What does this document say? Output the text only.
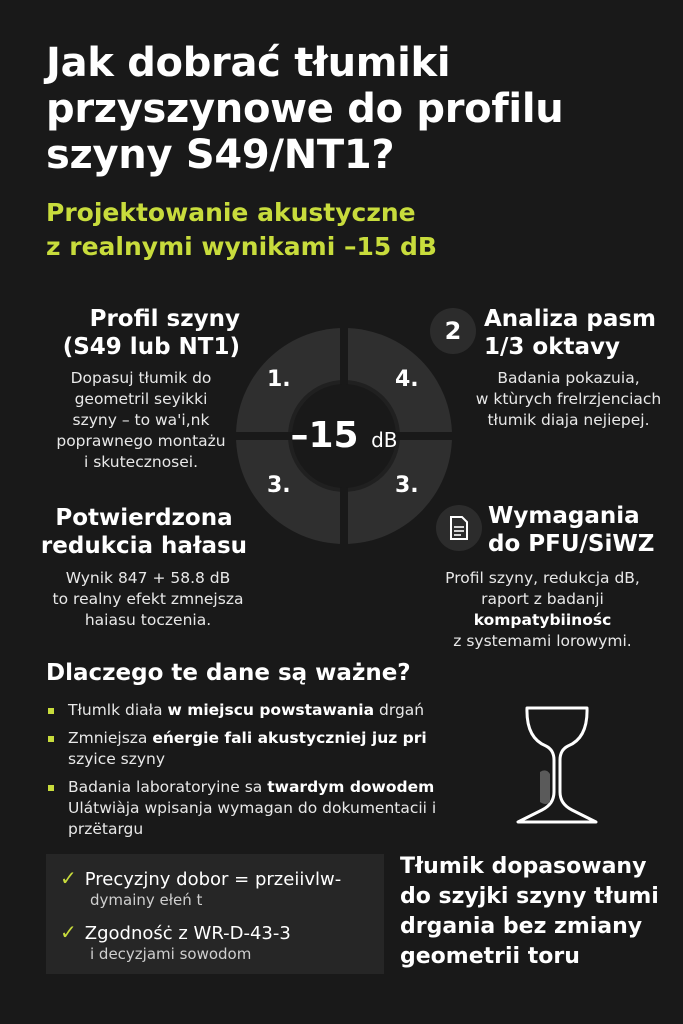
Jak dobrać tłumiki przyszynowe do profilu szyny S49/NT1?
Projektowanie akustyczne
z realnymi wynikami –15 dB
1.	4.
3.	3.
–15 dB
Profil szyny
(S49 lub NT1)
Dopasuj tłumik do
geometril seyikki
szyny – to wa'i,nk
poprawnego montażu
i skutecznosei.
2 Analiza pasm
1/3 oktavy
Badania pokazuia,
w ktùrych frelrzjenciach
tłumik diaja nejiepej.
Potwierdzona
redukcia hałasu
Wynik 847 + 58.8 dB
to realny efekt zmnejsza
haiasu toczenia.
Wymagania
do PFU/SiWZ
Profil szyny, redukcja dB,
raport z badanji
kompatybiinośc
z systemami lorowymi.
Dlaczego te dane są ważne?
Tłumlk diała w miejscu powstawania drgań
Zmniejsza eńergie fali akustyczniej juz pri szyice szyny
Badania laboratoryine sa twardym dowodem Ulátwiàja wpisanja wymagan do dokumentacii i przëtargu
✓ Precyzjny dobor = przeiivlw-
dymainy ełeń t
✓ Zgodnośċ z WR-D-43-3
i decyzjami sowodom
Tłumik dopasowany do szyjki szyny tłumi drgania bez zmiany geometrii toru
